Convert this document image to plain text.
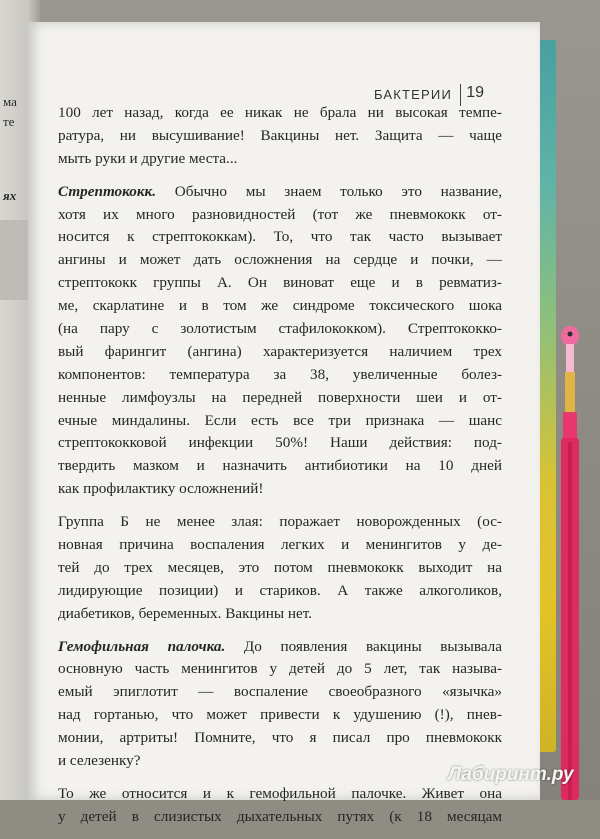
ма
те
ях
БАКТЕРИИ 19

100 лет назад, когда ее никак не брала ни высокая темпе-
ратура, ни высушивание! Вакцины нет. Защита — чаще
мыть руки и другие места...

Стрептококк. Обычно мы знаем только это название,
хотя их много разновидностей (тот же пневмококк от-
носится к стрептококкам). То, что так часто вызывает
ангины и может дать осложнения на сердце и почки, —
стрептококк группы А. Он виноват еще и в ревматиз-
ме, скарлатине и в том же синдроме токсического шока
(на пару с золотистым стафилококком). Стрептококко-
вый фарингит (ангина) характеризуется наличием трех
компонентов: температура за 38, увеличенные болез-
ненные лимфоузлы на передней поверхности шеи и от-
ечные миндалины. Если есть все три признака — шанс
стрептококковой инфекции 50%! Наши действия: под-
твердить мазком и назначить антибиотики на 10 дней
как профилактику осложнений!

Группа Б не менее злая: поражает новорожденных (ос-
новная причина воспаления легких и менингитов у де-
тей до трех месяцев, это потом пневмококк выходит на
лидирующие позиции) и стариков. А также алкоголиков,
диабетиков, беременных. Вакцины нет.

Гемофильная палочка. До появления вакцины вызывала
основную часть менингитов у детей до 5 лет, так называ-
емый эпиглотит — воспаление своеобразного «язычка»
над гортанью, что может привести к удушению (!), пнев-
монии, артриты! Помните, что я писал про пневмококк
и селезенку?

То же относится и к гемофильной палочке. Живет она
у детей в слизистых дыхательных путях (к 18 месяцам

Лабиринт.ру
